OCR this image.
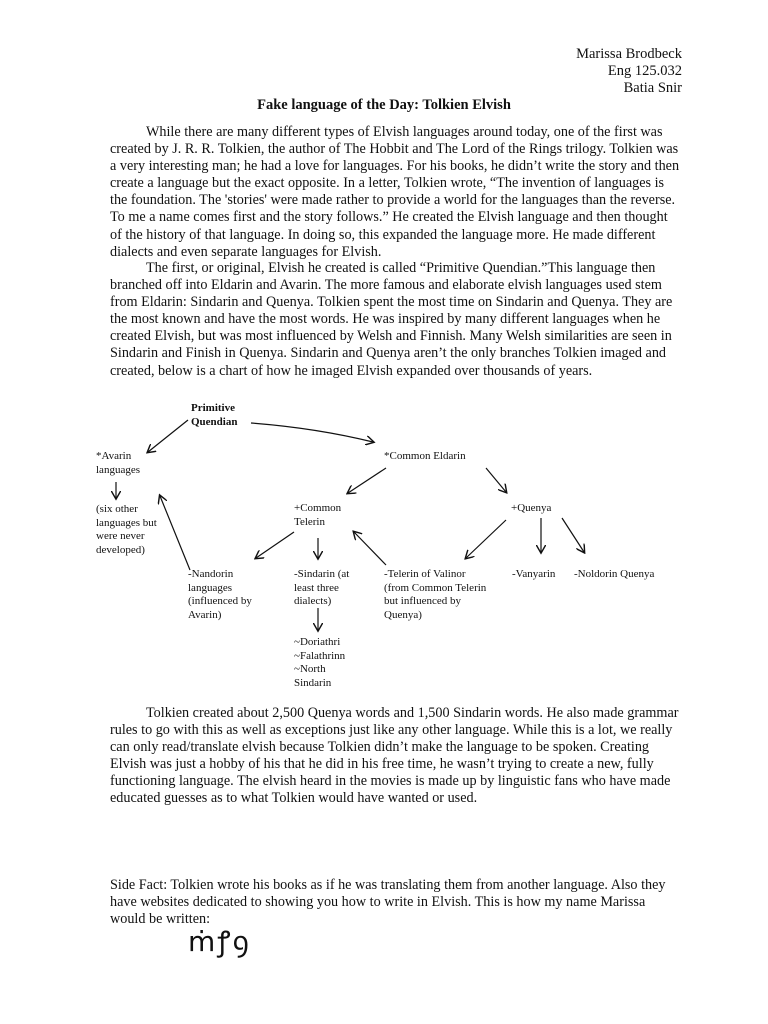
Marissa Brodbeck
Eng 125.032
Batia Snir
Fake language of the Day: Tolkien Elvish

While there are many different types of Elvish languages around today, one of the first was created by J. R. R. Tolkien, the author of The Hobbit and The Lord of the Rings trilogy. Tolkien was a very interesting man; he had a love for languages. For his books, he didn’t write the story and then create a language but the exact opposite. In a letter, Tolkien wrote, “The invention of languages is the foundation. The 'stories' were made rather to provide a world for the languages than the reverse. To me a name comes first and the story follows.” He created the Elvish language and then thought of the history of that language. In doing so, this expanded the language more. He made different dialects and even separate languages for Elvish.

The first, or original, Elvish he created is called “Primitive Quendian.”This language then branched off into Eldarin and Avarin. The more famous and elaborate elvish languages used stem from Eldarin: Sindarin and Quenya. Tolkien spent the most time on Sindarin and Quenya. They are the most known and have the most words. He was inspired by many different languages when he created Elvish, but was most influenced by Welsh and Finnish. Many Welsh similarities are seen in Sindarin and Finish in Quenya. Sindarin and Quenya aren’t the only branches Tolkien imaged and created, below is a chart of how he imaged Elvish expanded over thousands of years.

Primitive
Quendian
*Avarin
languages
(six other
languages but
were never
developed)
*Common Eldarin
+Common
Telerin
+Quenya
-Nandorin
languages
(influenced by
Avarin)
-Sindarin (at
least three
dialects)
-Telerin of Valinor
(from Common Telerin
but influenced by
Quenya)
-Vanyarin -Noldorin Quenya
~Doriathri
~Falathrinn
~North
Sindarin

Tolkien created about 2,500 Quenya words and 1,500 Sindarin words. He also made grammar rules to go with this as well as exceptions just like any other language. While this is a lot, we really can only read/translate elvish because Tolkien didn’t make the language to be spoken. Creating Elvish was just a hobby of his that he did in his free time, he wasn’t trying to create a new, fully functioning language. The elvish heard in the movies is made up by linguistic fans who have made educated guesses as to what Tolkien would have wanted or used.

Side Fact: Tolkien wrote his books as if he was translating them from another language. Also they have websites dedicated to showing you how to write in Elvish. This is how my name Marissa would be written:

ṁꝭꝯ
